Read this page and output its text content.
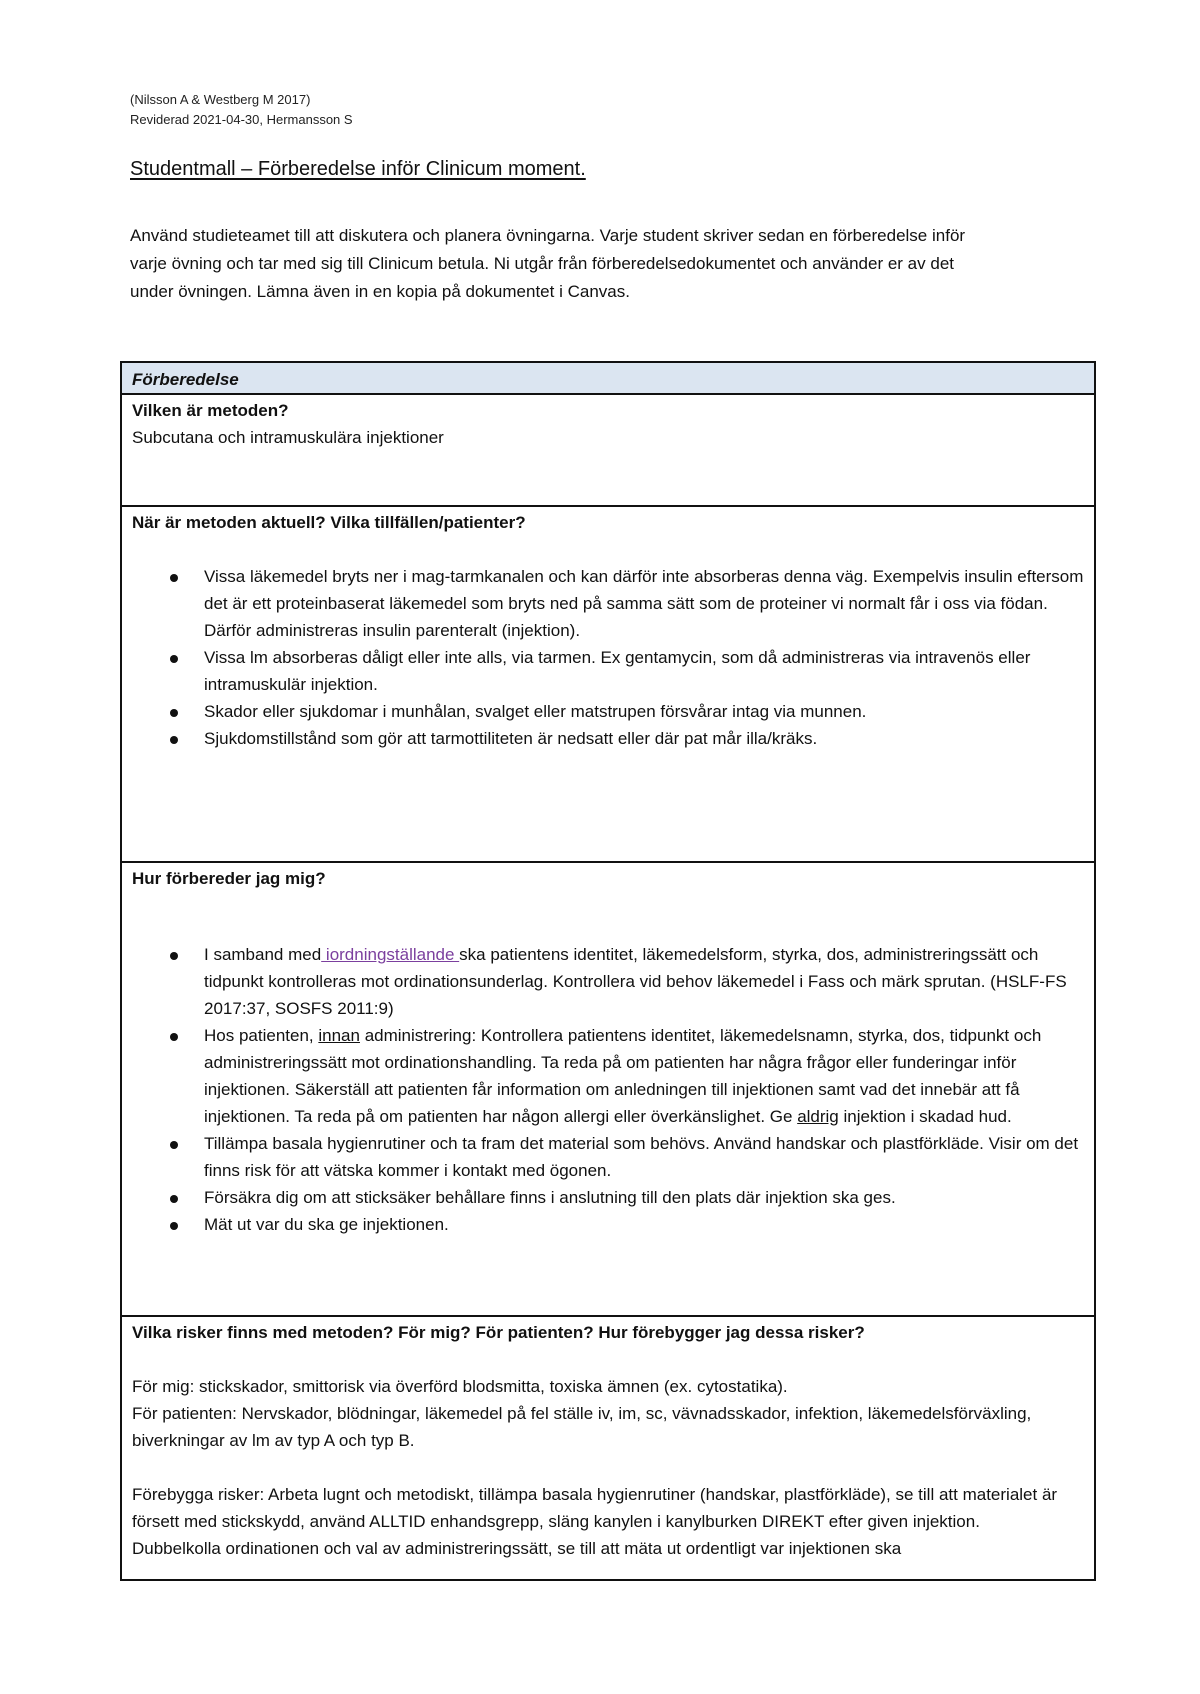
(Nilsson A & Westberg M 2017)
Reviderad 2021-04-30, Hermansson S
Studentmall – Förberedelse inför Clinicum moment.
Använd studieteamet till att diskutera och planera övningarna. Varje student skriver sedan en förberedelse inför varje övning och tar med sig till Clinicum betula. Ni utgår från förberedelsedokumentet och använder er av det under övningen. Lämna även in en kopia på dokumentet i Canvas.
Förberedelse

Vilken är metoden?
Subcutana och intramuskulära injektioner

När är metoden aktuell? Vilka tillfällen/patienter?
Vissa läkemedel bryts ner i mag-tarmkanalen och kan därför inte absorberas denna väg. Exempelvis insulin eftersom det är ett proteinbaserat läkemedel som bryts ned på samma sätt som de proteiner vi normalt får i oss via födan. Därför administreras insulin parenteralt (injektion).
Vissa lm absorberas dåligt eller inte alls, via tarmen. Ex gentamycin, som då administreras via intravenös eller intramuskulär injektion.
Skador eller sjukdomar i munhålan, svalget eller matstrupen försvårar intag via munnen.
Sjukdomstillstånd som gör att tarmottiliteten är nedsatt eller där pat mår illa/kräks.

Hur förbereder jag mig?
I samband med iordningställande ska patientens identitet, läkemedelsform, styrka, dos, administreringssätt och tidpunkt kontrolleras mot ordinationsunderlag. Kontrollera vid behov läkemedel i Fass och märk sprutan. (HSLF-FS 2017:37, SOSFS 2011:9)
Hos patienten, innan administrering: Kontrollera patientens identitet, läkemedelsnamn, styrka, dos, tidpunkt och administreringssätt mot ordinationshandling. Ta reda på om patienten har några frågor eller funderingar inför injektionen. Säkerställ att patienten får information om anledningen till injektionen samt vad det innebär att få injektionen. Ta reda på om patienten har någon allergi eller överkänslighet. Ge aldrig injektion i skadad hud.
Tillämpa basala hygienrutiner och ta fram det material som behövs. Använd handskar och plastförkläde. Visir om det finns risk för att vätska kommer i kontakt med ögonen.
Försäkra dig om att sticksäker behållare finns i anslutning till den plats där injektion ska ges.
Mät ut var du ska ge injektionen.

Vilka risker finns med metoden? För mig? För patienten? Hur förebygger jag dessa risker?
För mig: stickskador, smittorisk via överförd blodsmitta, toxiska ämnen (ex. cytostatika).
För patienten: Nervskador, blödningar, läkemedel på fel ställe iv, im, sc, vävnadsskador, infektion, läkemedelsförväxling, biverkningar av lm av typ A och typ B.
Förebygga risker: Arbeta lugnt och metodiskt, tillämpa basala hygienrutiner (handskar, plastförkläde), se till att materialet är försett med stickskydd, använd ALLTID enhandsgrepp, släng kanylen i kanylburken DIREKT efter given injektion.
Dubbelkolla ordinationen och val av administreringssätt, se till att mäta ut ordentligt var injektionen ska
